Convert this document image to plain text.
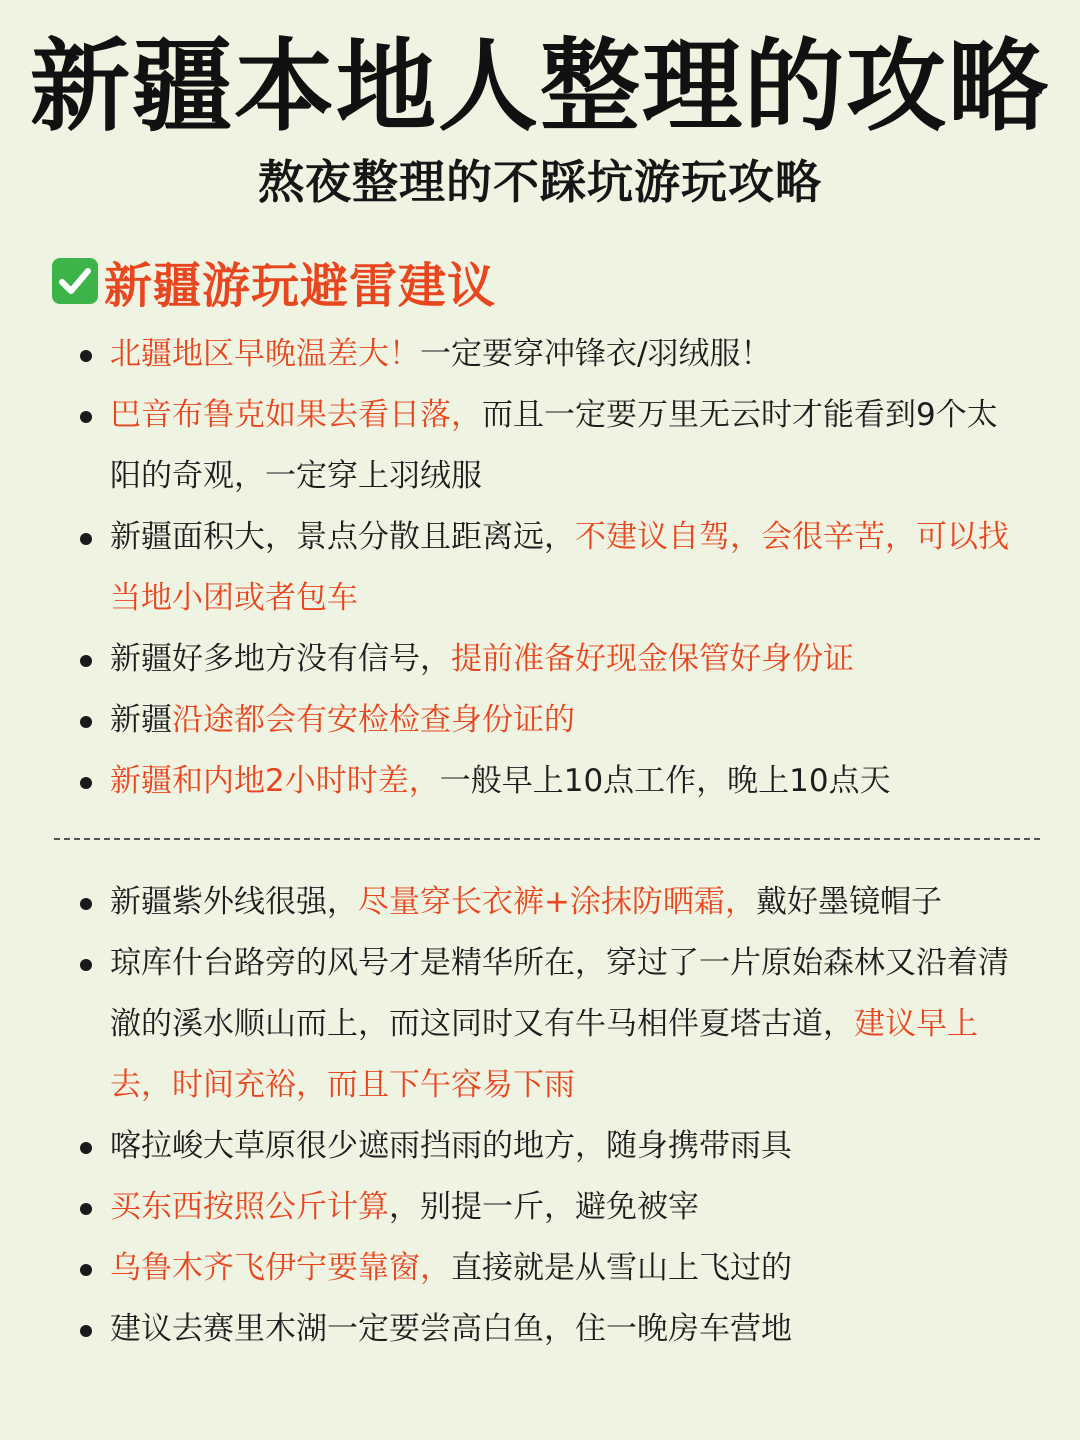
新疆本地人整理的攻略
熬夜整理的不踩坑游玩攻略
新疆游玩避雷建议
北疆地区早晚温差大！一定要穿冲锋衣/羽绒服！
巴音布鲁克如果去看日落，而且一定要万里无云时才能看到9个太阳的奇观，一定穿上羽绒服
新疆面积大，景点分散且距离远，不建议自驾，会很辛苦，可以找当地小团或者包车
新疆好多地方没有信号，提前准备好现金保管好身份证
新疆沿途都会有安检检查身份证的
新疆和内地2小时时差，一般早上10点工作，晚上10点天
新疆紫外线很强，尽量穿长衣裤+涂抹防晒霜，戴好墨镜帽子
琼库什台路旁的风号才是精华所在，穿过了一片原始森林又沿着清澈的溪水顺山而上，而这同时又有牛马相伴夏塔古道，建议早上去，时间充裕，而且下午容易下雨
喀拉峻大草原很少遮雨挡雨的地方，随身携带雨具
买东西按照公斤计算，别提一斤，避免被宰
乌鲁木齐飞伊宁要靠窗，直接就是从雪山上飞过的
建议去赛里木湖一定要尝高白鱼，住一晚房车营地
